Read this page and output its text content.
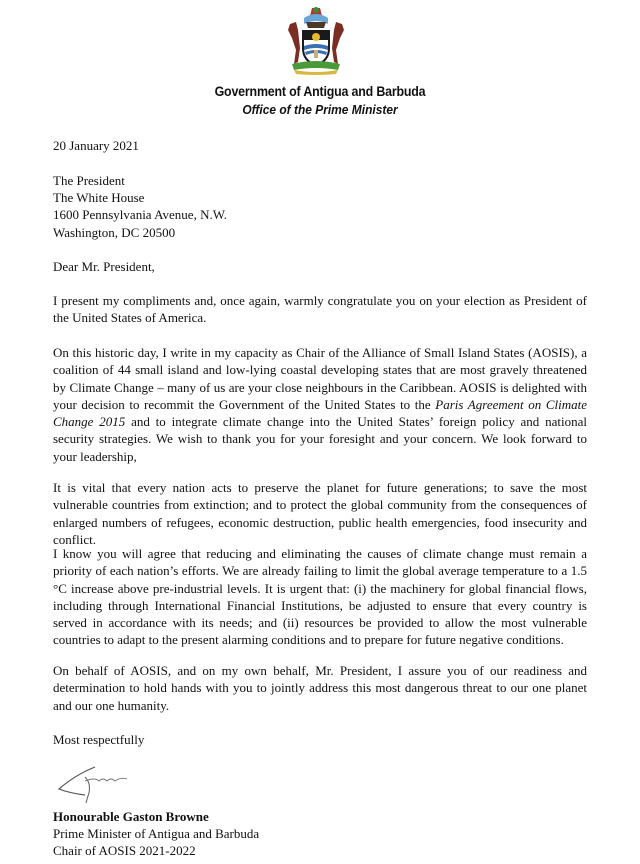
Government of Antigua and Barbuda
Office of the Prime Minister
20 January 2021
The President
The White House
1600 Pennsylvania Avenue, N.W.
Washington, DC 20500
Dear Mr. President,

I present my compliments and, once again, warmly congratulate you on your election as President of the United States of America.

On this historic day, I write in my capacity as Chair of the Alliance of Small Island States (AOSIS), a coalition of 44 small island and low-lying coastal developing states that are most gravely threatened by Climate Change – many of us are your close neighbours in the Caribbean. AOSIS is delighted with your decision to recommit the Government of the United States to the Paris Agreement on Climate Change 2015 and to integrate climate change into the United States’ foreign policy and national security strategies. We wish to thank you for your foresight and your concern. We look forward to your leadership,

It is vital that every nation acts to preserve the planet for future generations; to save the most vulnerable countries from extinction; and to protect the global community from the consequences of enlarged numbers of refugees, economic destruction, public health emergencies, food insecurity and conflict.

I know you will agree that reducing and eliminating the causes of climate change must remain a priority of each nation’s efforts. We are already failing to limit the global average temperature to a 1.5 °C increase above pre-industrial levels. It is urgent that: (i) the machinery for global financial flows, including through International Financial Institutions, be adjusted to ensure that every country is served in accordance with its needs; and (ii) resources be provided to allow the most vulnerable countries to adapt to the present alarming conditions and to prepare for future negative conditions.

On behalf of AOSIS, and on my own behalf, Mr. President, I assure you of our readiness and determination to hold hands with you to jointly address this most dangerous threat to our one planet and our one humanity.

Most respectfully
Honourable Gaston Browne
Prime Minister of Antigua and Barbuda
Chair of AOSIS 2021-2022
